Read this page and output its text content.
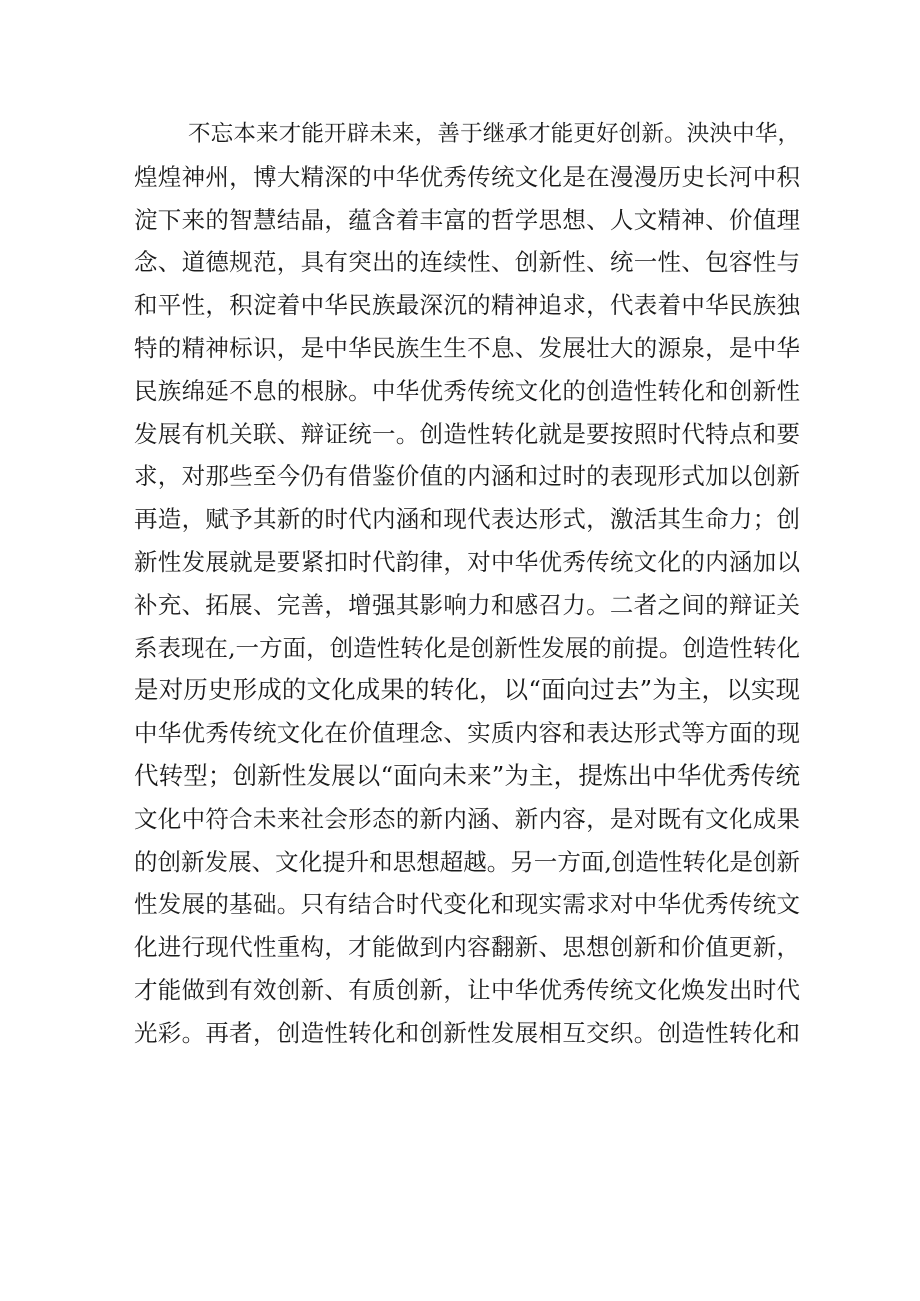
不忘本来才能开辟未来，善于继承才能更好创新。泱泱中华，
煌煌神州，博大精深的中华优秀传统文化是在漫漫历史长河中积
淀下来的智慧结晶，蕴含着丰富的哲学思想、人文精神、价值理
念、道德规范，具有突出的连续性、创新性、统一性、包容性与
和平性，积淀着中华民族最深沉的精神追求，代表着中华民族独
特的精神标识，是中华民族生生不息、发展壮大的源泉，是中华
民族绵延不息的根脉。中华优秀传统文化的创造性转化和创新性
发展有机关联、辩证统一。创造性转化就是要按照时代特点和要
求，对那些至今仍有借鉴价值的内涵和过时的表现形式加以创新
再造，赋予其新的时代内涵和现代表达形式，激活其生命力；创
新性发展就是要紧扣时代韵律，对中华优秀传统文化的内涵加以
补充、拓展、完善，增强其影响力和感召力。二者之间的辩证关
系表现在,一方面，创造性转化是创新性发展的前提。创造性转化
是对历史形成的文化成果的转化，以“面向过去”为主，以实现
中华优秀传统文化在价值理念、实质内容和表达形式等方面的现
代转型；创新性发展以“面向未来”为主，提炼出中华优秀传统
文化中符合未来社会形态的新内涵、新内容，是对既有文化成果
的创新发展、文化提升和思想超越。另一方面,创造性转化是创新
性发展的基础。只有结合时代变化和现实需求对中华优秀传统文
化进行现代性重构，才能做到内容翻新、思想创新和价值更新，
才能做到有效创新、有质创新，让中华优秀传统文化焕发出时代
光彩。再者，创造性转化和创新性发展相互交织。创造性转化和
